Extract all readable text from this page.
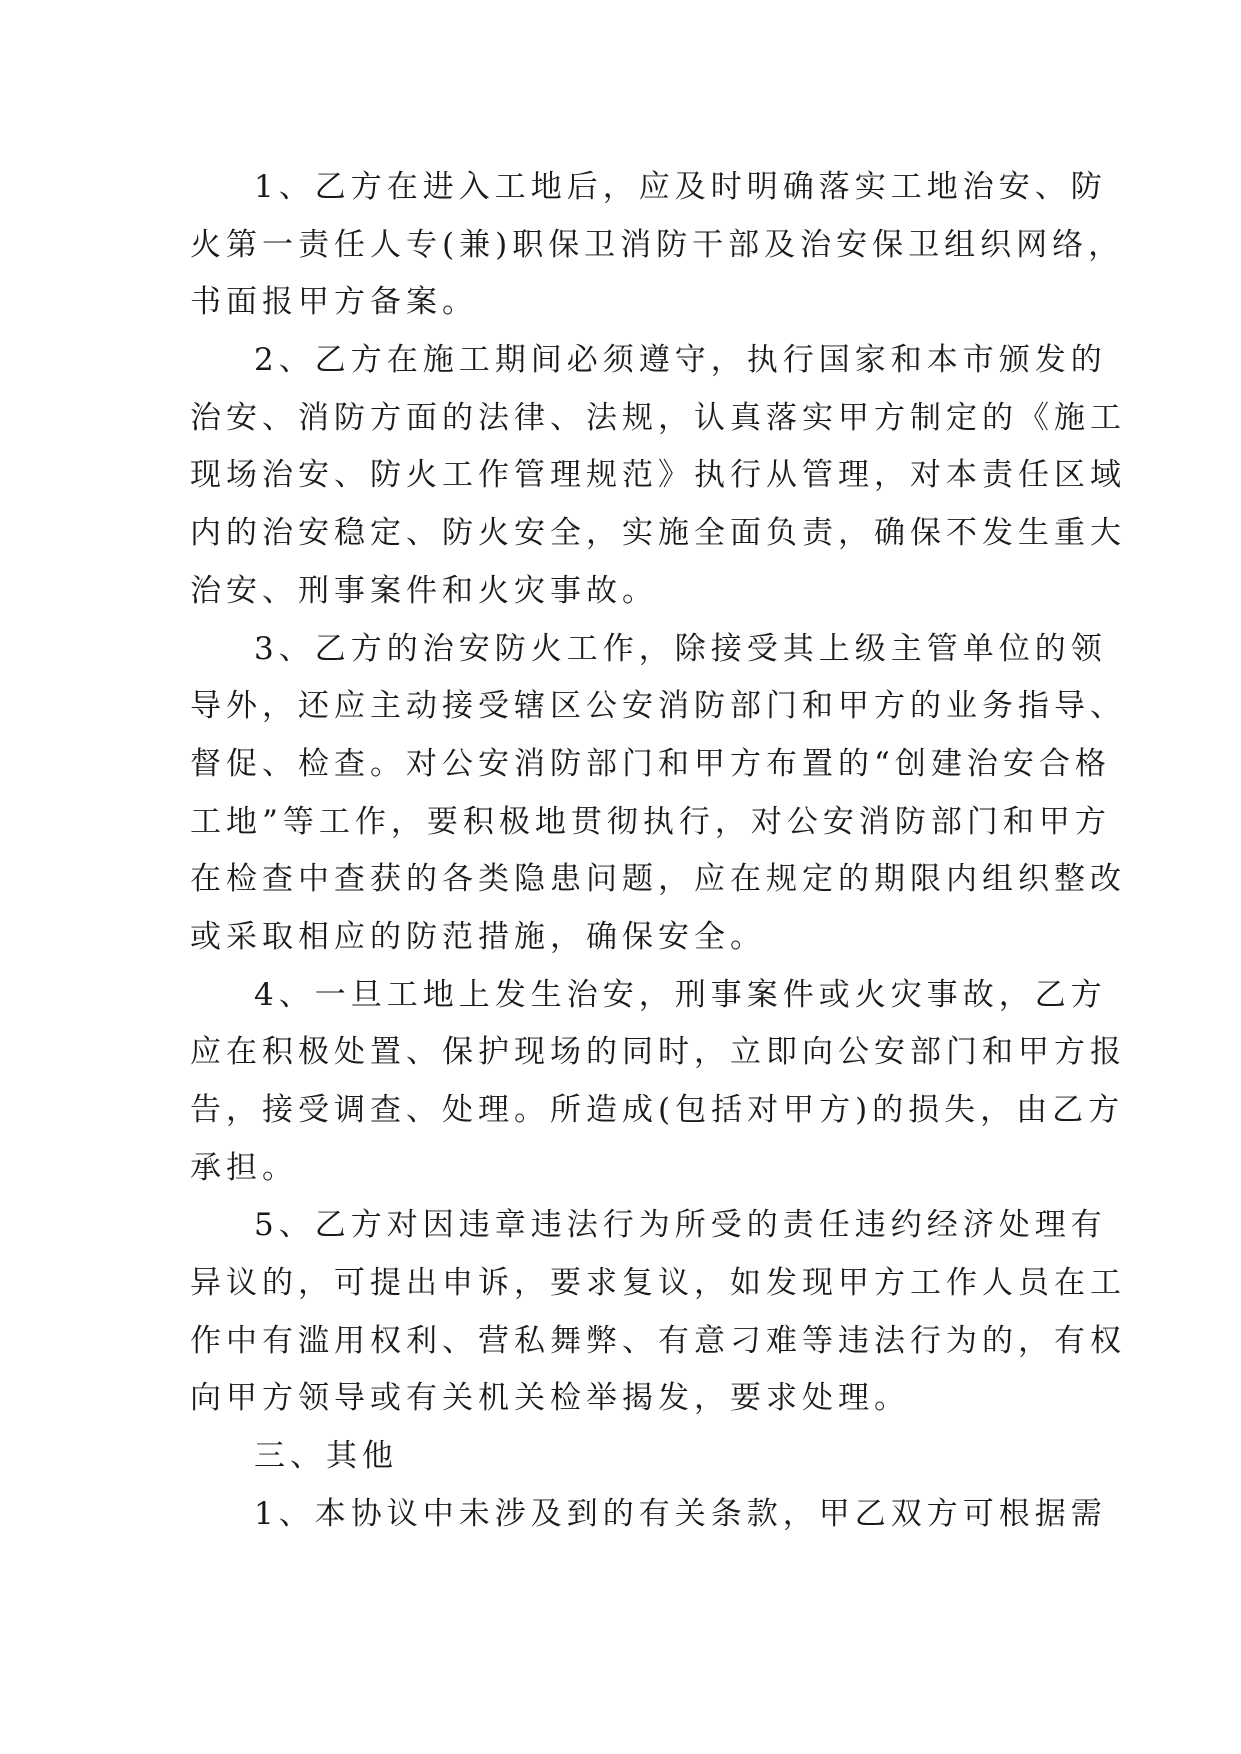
1、乙方在进入工地后，应及时明确落实工地治安、防
火第一责任人专(兼)职保卫消防干部及治安保卫组织网络，
书面报甲方备案。
2、乙方在施工期间必须遵守，执行国家和本市颁发的
治安、消防方面的法律、法规，认真落实甲方制定的《施工
现场治安、防火工作管理规范》执行从管理，对本责任区域
内的治安稳定、防火安全，实施全面负责，确保不发生重大
治安、刑事案件和火灾事故。
3、乙方的治安防火工作，除接受其上级主管单位的领
导外，还应主动接受辖区公安消防部门和甲方的业务指导、
督促、检查。对公安消防部门和甲方布置的“创建治安合格
工地”等工作，要积极地贯彻执行，对公安消防部门和甲方
在检查中查获的各类隐患问题，应在规定的期限内组织整改
或采取相应的防范措施，确保安全。
4、一旦工地上发生治安，刑事案件或火灾事故，乙方
应在积极处置、保护现场的同时，立即向公安部门和甲方报
告，接受调查、处理。所造成(包括对甲方)的损失，由乙方
承担。
5、乙方对因违章违法行为所受的责任违约经济处理有
异议的，可提出申诉，要求复议，如发现甲方工作人员在工
作中有滥用权利、营私舞弊、有意刁难等违法行为的，有权
向甲方领导或有关机关检举揭发，要求处理。
三、其他
1、本协议中未涉及到的有关条款，甲乙双方可根据需
